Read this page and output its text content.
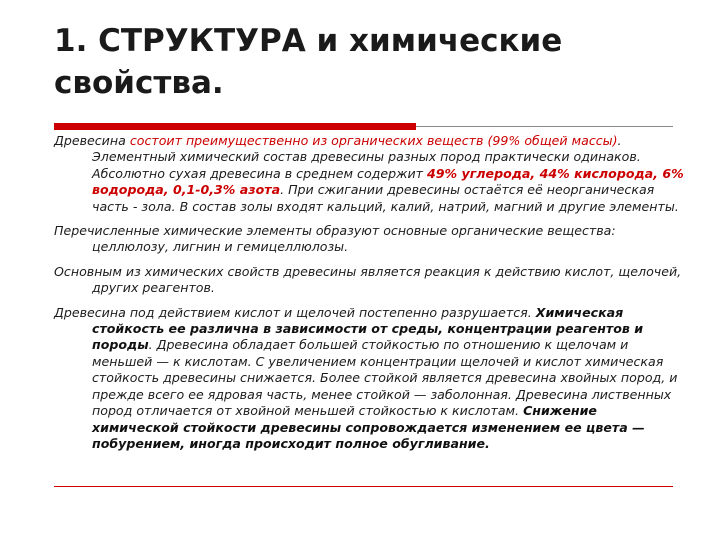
1. СТРУКТУРА и химические свойства.

Древесина состоит преимущественно из органических веществ (99% общей массы). Элементный химический состав древесины разных пород практически одинаков. Абсолютно сухая древесина в среднем содержит 49% углерода, 44% кислорода, 6% водорода, 0,1-0,3% азота. При сжигании древесины остаётся её неорганическая часть - зола. В состав золы входят кальций, калий, натрий, магний и другие элементы.

Перечисленные химические элементы образуют основные органические вещества: целлюлозу, лигнин и гемицеллюлозы.

Основным из химических свойств древесины является реакция к действию кислот, щелочей, других реагентов.

Древесина под действием кислот и щелочей постепенно разрушается. Химическая стойкость ее различна в зависимости от среды, концентрации реагентов и породы. Древесина обладает большей стойкостью по отношению к щелочам и меньшей — к кислотам. С увеличением концентрации щелочей и кислот химическая стойкость древесины снижается. Более стойкой является древесина хвойных пород, и прежде всего ее ядровая часть, менее стойкой — заболонная. Древесина лиственных пород отличается от хвойной меньшей стойкостью к кислотам. Снижение химической стойкости древесины сопровождается изменением ее цвета — побурением, иногда происходит полное обугливание.
